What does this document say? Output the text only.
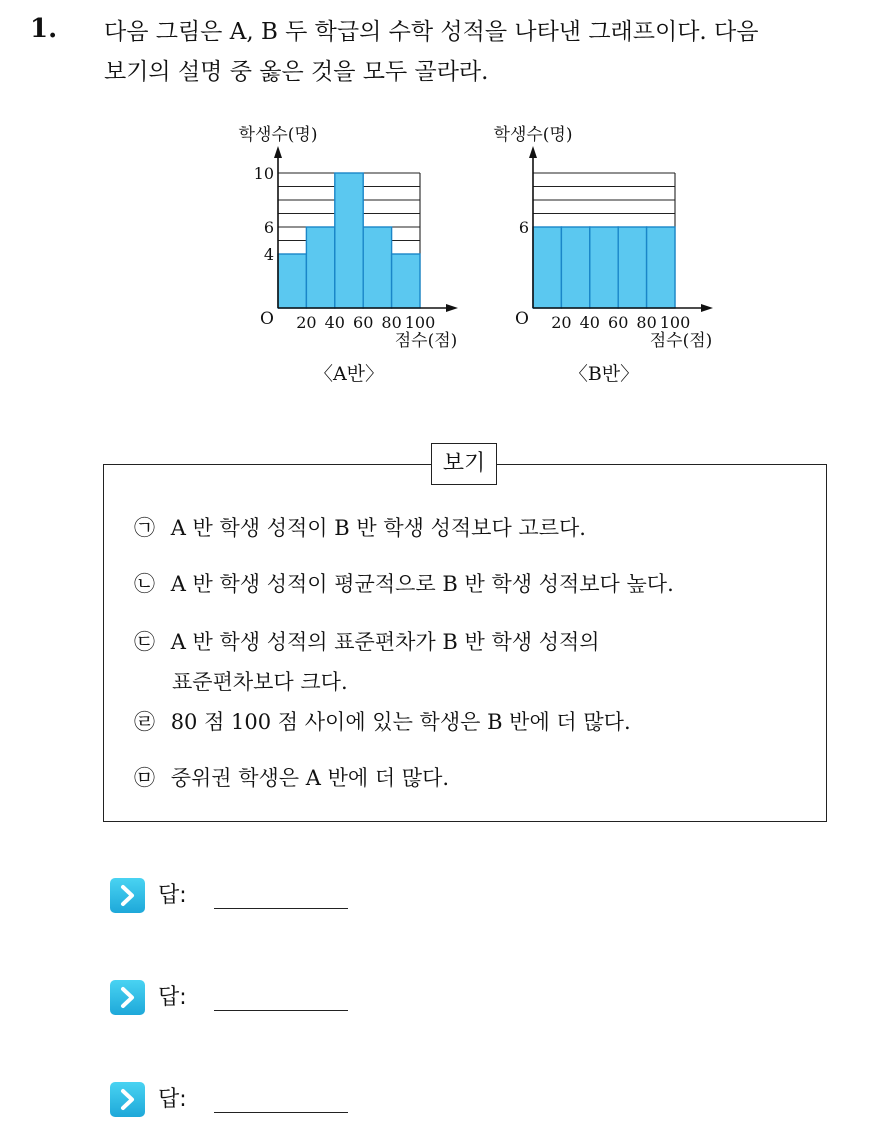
1. 다음 그림은 A, B 두 학급의 수학 성적을 나타낸 그래프이다. 다음
보기의 설명 중 옳은 것을 모두 골라라.
4
6
10
20 40 60 80 100
O
학생수(명)
점수(점)
〈A반〉
6
20 40 60 80 100
O
학생수(명)
점수(점)
〈B반〉
보기
㉠ A 반 학생 성적이 B 반 학생 성적보다 고르다.
㉡ A 반 학생 성적이 평균적으로 B 반 학생 성적보다 높다.
㉢ A 반 학생 성적의 표준편차가 B 반 학생 성적의
표준편차보다 크다.
㉣ 80 점 100 점 사이에 있는 학생은 B 반에 더 많다.
㉤ 중위권 학생은 A 반에 더 많다.
답:
답:
답:
